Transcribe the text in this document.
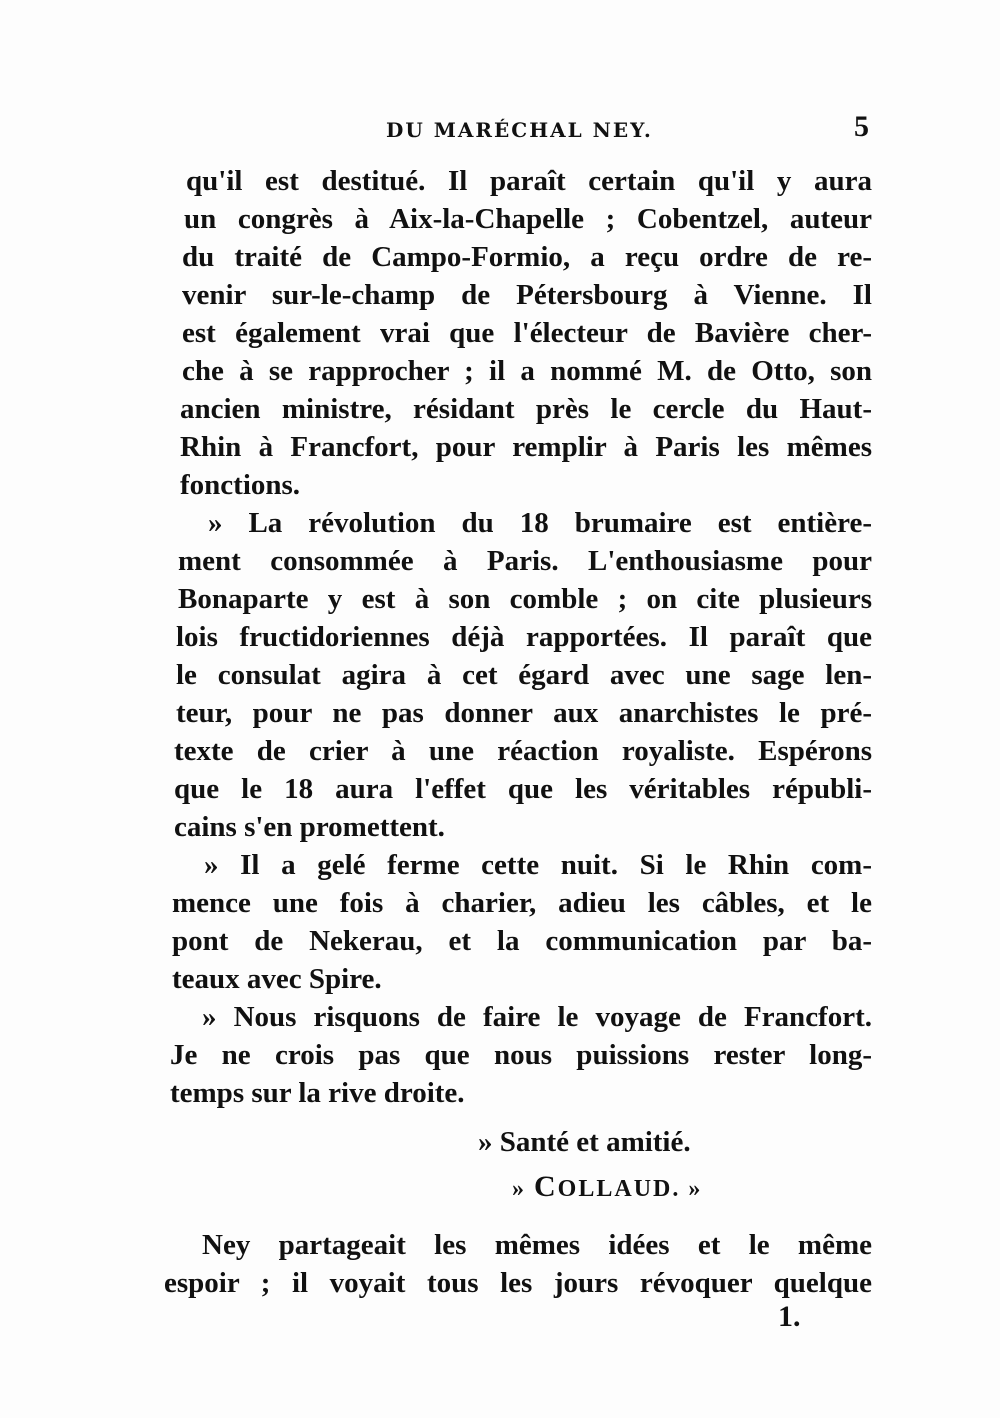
DU MARÉCHAL NEY.	5
qu'il est destitué. Il paraît certain qu'il y aura
un congrès à Aix-la-Chapelle ; Cobentzel, auteur
du traité de Campo-Formio, a reçu ordre de re-
venir sur-le-champ de Pétersbourg à Vienne. Il
est également vrai que l'électeur de Bavière cher-
che à se rapprocher ; il a nommé M. de Otto, son
ancien ministre, résidant près le cercle du Haut-
Rhin à Francfort, pour remplir à Paris les mêmes
fonctions.
» La révolution du 18 brumaire est entière-
ment consommée à Paris. L'enthousiasme pour
Bonaparte y est à son comble ; on cite plusieurs
lois fructidoriennes déjà rapportées. Il paraît que
le consulat agira à cet égard avec une sage len-
teur, pour ne pas donner aux anarchistes le pré-
texte de crier à une réaction royaliste. Espérons
que le 18 aura l'effet que les véritables républi-
cains s'en promettent.
» Il a gelé ferme cette nuit. Si le Rhin com-
mence une fois à charier, adieu les câbles, et le
pont de Nekerau, et la communication par ba-
teaux avec Spire.
» Nous risquons de faire le voyage de Francfort.
Je ne crois pas que nous puissions rester long-
temps sur la rive droite.
» Santé et amitié.
» COLLAUD. »
Ney partageait les mêmes idées et le même
espoir ; il voyait tous les jours révoquer quelque
1.
